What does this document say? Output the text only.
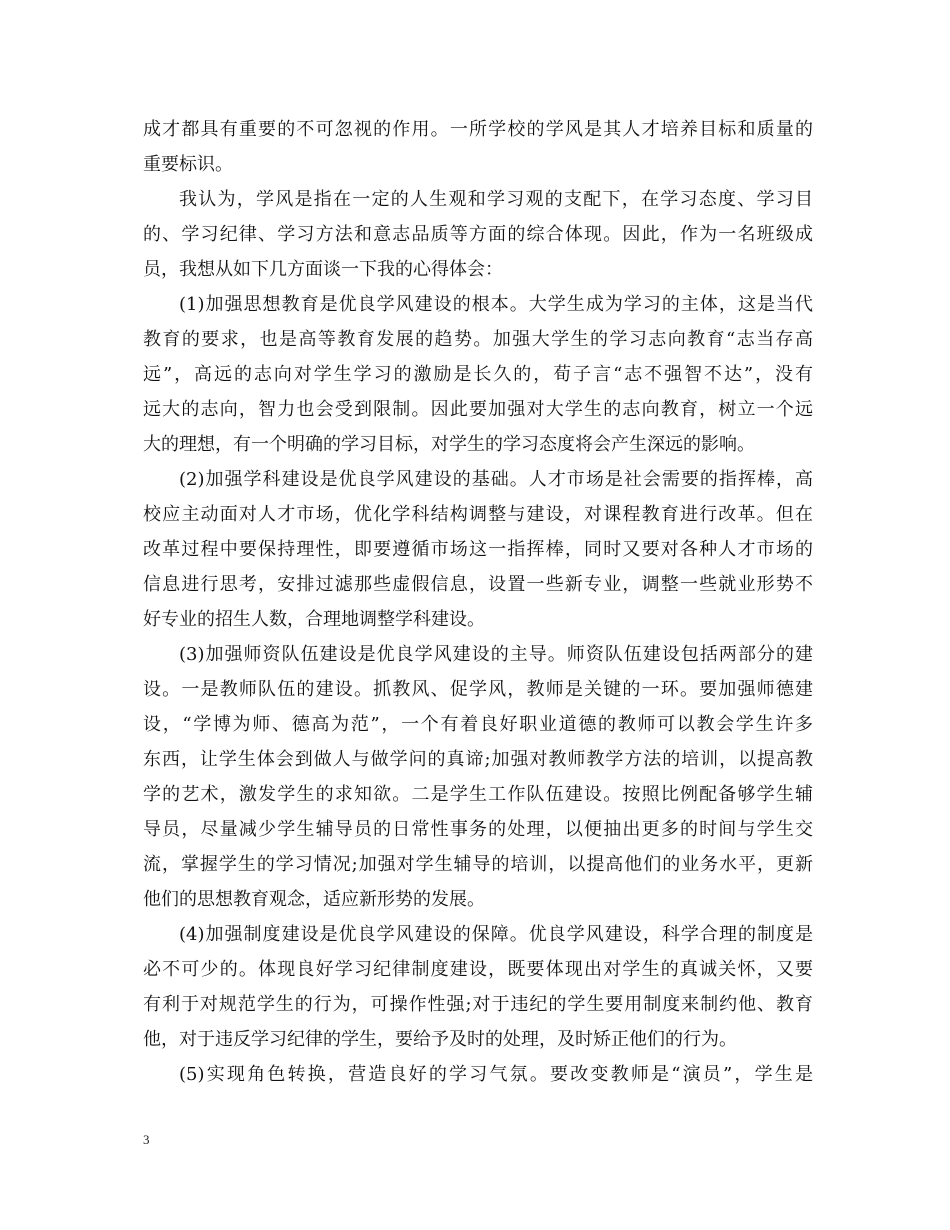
成才都具有重要的不可忽视的作用。一所学校的学风是其人才培养目标和质量的
重要标识。
我认为，学风是指在一定的人生观和学习观的支配下，在学习态度、学习目
的、学习纪律、学习方法和意志品质等方面的综合体现。因此，作为一名班级成
员，我想从如下几方面谈一下我的心得体会：
(1)加强思想教育是优良学风建设的根本。大学生成为学习的主体，这是当代
教育的要求，也是高等教育发展的趋势。加强大学生的学习志向教育“志当存高
远”，高远的志向对学生学习的激励是长久的，荀子言“志不强智不达”，没有
远大的志向，智力也会受到限制。因此要加强对大学生的志向教育，树立一个远
大的理想，有一个明确的学习目标，对学生的学习态度将会产生深远的影响。
(2)加强学科建设是优良学风建设的基础。人才市场是社会需要的指挥棒，高
校应主动面对人才市场，优化学科结构调整与建设，对课程教育进行改革。但在
改革过程中要保持理性，即要遵循市场这一指挥棒，同时又要对各种人才市场的
信息进行思考，安排过滤那些虚假信息，设置一些新专业，调整一些就业形势不
好专业的招生人数，合理地调整学科建设。
(3)加强师资队伍建设是优良学风建设的主导。师资队伍建设包括两部分的建
设。一是教师队伍的建设。抓教风、促学风，教师是关键的一环。要加强师德建
设，“学博为师、德高为范”，一个有着良好职业道德的教师可以教会学生许多
东西，让学生体会到做人与做学问的真谛;加强对教师教学方法的培训，以提高教
学的艺术，激发学生的求知欲。二是学生工作队伍建设。按照比例配备够学生辅
导员，尽量减少学生辅导员的日常性事务的处理，以便抽出更多的时间与学生交
流，掌握学生的学习情况;加强对学生辅导的培训，以提高他们的业务水平，更新
他们的思想教育观念，适应新形势的发展。
(4)加强制度建设是优良学风建设的保障。优良学风建设，科学合理的制度是
必不可少的。体现良好学习纪律制度建设，既要体现出对学生的真诚关怀，又要
有利于对规范学生的行为，可操作性强;对于违纪的学生要用制度来制约他、教育
他，对于违反学习纪律的学生，要给予及时的处理，及时矫正他们的行为。
(5)实现角色转换，营造良好的学习气氛。要改变教师是“演员”，学生是
3
